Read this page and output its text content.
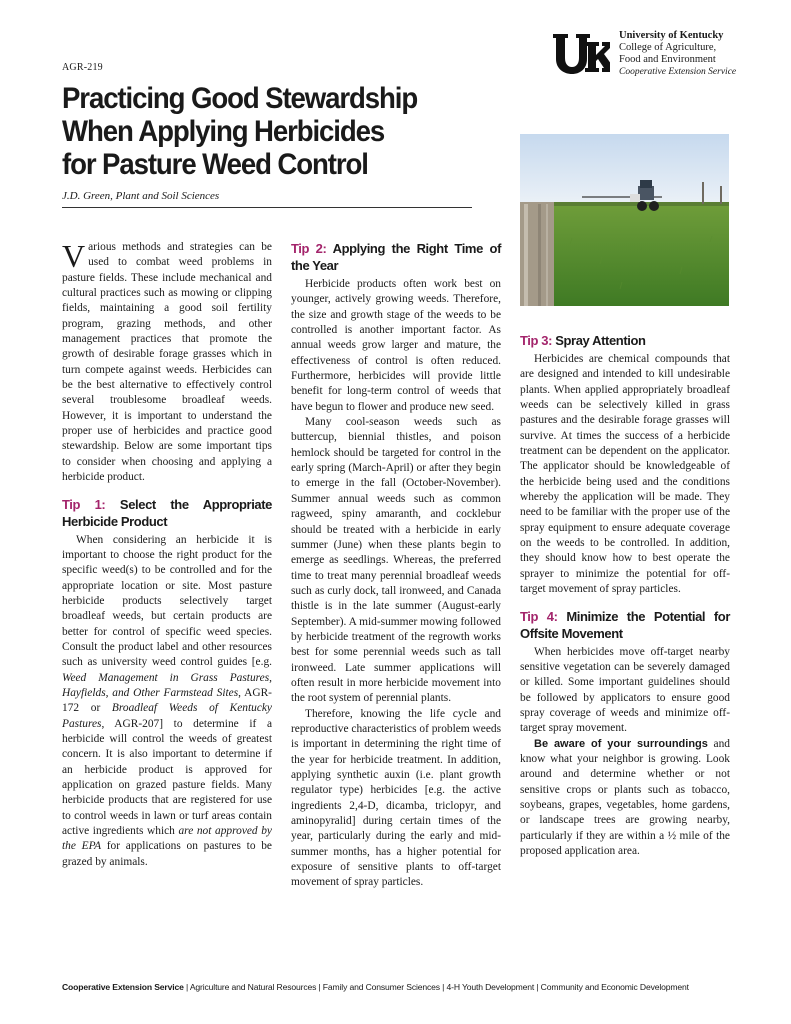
AGR-219
University of Kentucky
College of Agriculture,
Food and Environment
Cooperative Extension Service
Practicing Good Stewardship
When Applying Herbicides
for Pasture Weed Control
J.D. Green, Plant and Soil Sciences

Various methods and strategies can be used to combat weed problems in pasture fields. These include mechanical and cultural practices such as mowing or clipping fields, maintaining a good soil fertility program, grazing methods, and other management practices that promote the growth of desirable forage grasses which in turn compete against weeds. Herbicides can be the best alternative to effectively control several troublesome broadleaf weeds. However, it is important to understand the proper use of herbicides and practice good stewardship. Below are some important tips to consider when choosing and applying a herbicide product.

Tip 1: Select the Appropriate Herbicide Product

When considering an herbicide it is important to choose the right product for the specific weed(s) to be controlled and for the appropriate location or site. Most pasture herbicide products selectively target broadleaf weeds, but certain products are better for control of specific weed species. Consult the product label and other resources such as university weed control guides [e.g. Weed Management in Grass Pastures, Hayfields, and Other Farmstead Sites, AGR-172 or Broadleaf Weeds of Kentucky Pastures, AGR-207] to determine if a herbicide will control the weeds of greatest concern. It is also important to determine if an herbicide product is approved for application on grazed pasture fields. Many herbicide products that are registered for use to control weeds in lawn or turf areas contain active ingredients which are not approved by the EPA for applications on pastures to be grazed by animals.

Tip 2: Applying the Right Time of the Year

Herbicide products often work best on younger, actively growing weeds. Therefore, the size and growth stage of the weeds to be controlled is another important factor. As annual weeds grow larger and mature, the effectiveness of control is often reduced. Furthermore, herbicides will provide little benefit for long-term control of weeds that have begun to flower and produce new seed.

Many cool-season weeds such as buttercup, biennial thistles, and poison hemlock should be targeted for control in the early spring (March-April) or after they begin to emerge in the fall (October-November). Summer annual weeds such as common ragweed, spiny amaranth, and cocklebur should be treated with a herbicide in early summer (June) when these plants begin to emerge as seedlings. Whereas, the preferred time to treat many perennial broadleaf weeds such as curly dock, tall ironweed, and Canada thistle is in the late summer (August-early September). A mid-summer mowing followed by herbicide treatment of the regrowth works best for some perennial weeds such as tall ironweed. Late summer applications will often result in more herbicide movement into the root system of perennial plants.

Therefore, knowing the life cycle and reproductive characteristics of problem weeds is important in determining the right time of the year for herbicide treatment. In addition, applying synthetic auxin (i.e. plant growth regulator type) herbicides [e.g. the active ingredients 2,4-D, dicamba, triclopyr, and aminopyralid] during certain times of the year, particularly during the early and mid-summer months, has a higher potential for exposure of sensitive plants to off-target movement of spray particles.

Tip 3: Spray Attention

Herbicides are chemical compounds that are designed and intended to kill undesirable plants. When applied appropriately broadleaf weeds can be selectively killed in grass pastures and the desirable forage grasses will survive. At times the success of a herbicide treatment can be dependent on the applicator. The applicator should be knowledgeable of the herbicide being used and the conditions whereby the application will be made. They need to be familiar with the proper use of the spray equipment to ensure adequate coverage on the weeds to be controlled. In addition, they should know how to best operate the sprayer to minimize the potential for off-target movement of spray particles.

Tip 4: Minimize the Potential for Offsite Movement

When herbicides move off-target nearby sensitive vegetation can be severely damaged or killed. Some important guidelines should be followed by applicators to ensure good spray coverage of weeds and minimize off-target spray movement.

Be aware of your surroundings and know what your neighbor is growing. Look around and determine whether or not sensitive crops or plants such as tobacco, soybeans, grapes, vegetables, home gardens, or landscape trees are growing nearby, particularly if they are within a ½ mile of the proposed application area.

Cooperative Extension Service | Agriculture and Natural Resources | Family and Consumer Sciences | 4-H Youth Development | Community and Economic Development
